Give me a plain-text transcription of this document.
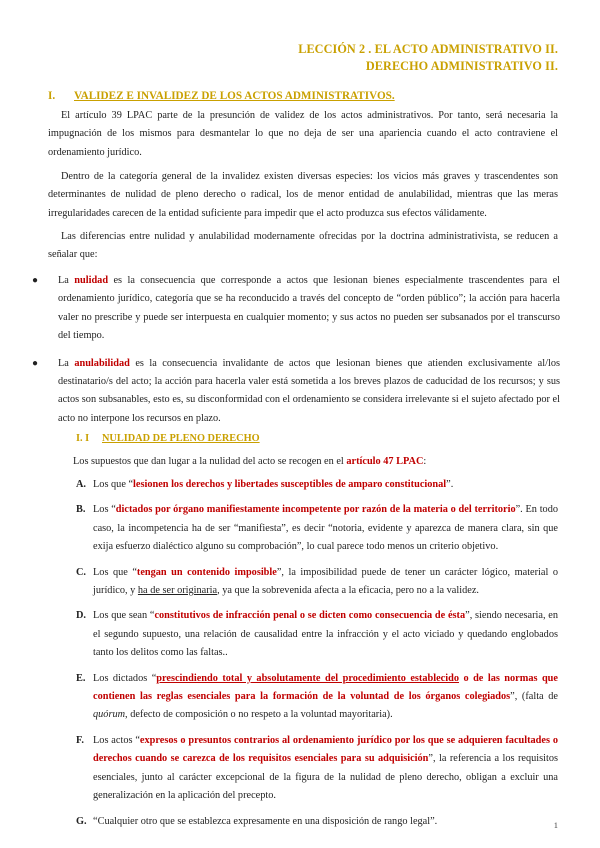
LECCIÓN 2 . EL ACTO ADMINISTRATIVO II.
DERECHO ADMINISTRATIVO II.
I. VALIDEZ E INVALIDEZ DE LOS ACTOS ADMINISTRATIVOS.

El artículo 39 LPAC parte de la presunción de validez de los actos administrativos. Por tanto, será necesaria la impugnación de los mismos para desmantelar lo que no deja de ser una apariencia cuando el acto contraviene el ordenamiento jurídico.

Dentro de la categoría general de la invalidez existen diversas especies: los vicios más graves y trascendentes son determinantes de nulidad de pleno derecho o radical, los de menor entidad de anulabilidad, mientras que las meras irregularidades carecen de la entidad suficiente para impedir que el acto produzca sus efectos válidamente.

Las diferencias entre nulidad y anulabilidad modernamente ofrecidas por la doctrina administrativista, se reducen a señalar que:

● La nulidad es la consecuencia que corresponde a actos que lesionan bienes especialmente trascendentes para el ordenamiento jurídico, categoría que se ha reconducido a través del concepto de “orden público”; la acción para hacerla valer no prescribe y puede ser interpuesta en cualquier momento; y sus actos no pueden ser subsanados por el transcurso del tiempo.
● La anulabilidad es la consecuencia invalidante de actos que lesionan bienes que atienden exclusivamente al/los destinatario/s del acto; la acción para hacerla valer está sometida a los breves plazos de caducidad de los recursos; y sus actos son subsanables, esto es, su disconformidad con el ordenamiento se considera irrelevante si el sujeto afectado por el acto no interpone los recursos en plazo.
I. I NULIDAD DE PLENO DERECHO

Los supuestos que dan lugar a la nulidad del acto se recogen en el artículo 47 LPAC:

A. Los que “lesionen los derechos y libertades susceptibles de amparo constitucional”.
B. Los “dictados por órgano manifiestamente incompetente por razón de la materia o del territorio”. En todo caso, la incompetencia ha de ser “manifiesta”, es decir “notoria, evidente y aparezca de manera clara, sin que exija esfuerzo dialéctico alguno su comprobación”, lo cual parece todo menos un criterio objetivo.
C. Los que “tengan un contenido imposible”, la imposibilidad puede de tener un carácter lógico, material o jurídico, y ha de ser originaria, ya que la sobrevenida afecta a la eficacia, pero no a la validez.
D. Los que sean “constitutivos de infracción penal o se dicten como consecuencia de ésta”, siendo necesaria, en el segundo supuesto, una relación de causalidad entre la infracción y el acto viciado y quedando englobados tanto los delitos como las faltas..
E. Los dictados “prescindiendo total y absolutamente del procedimiento establecido o de las normas que contienen las reglas esenciales para la formación de la voluntad de los órganos colegiados”, (falta de quórum, defecto de composición o no respeto a la voluntad mayoritaria).
F. Los actos “expresos o presuntos contrarios al ordenamiento jurídico por los que se adquieren facultades o derechos cuando se carezca de los requisitos esenciales para su adquisición”, la referencia a los requisitos esenciales, junto al carácter excepcional de la figura de la nulidad de pleno derecho, obligan a excluir una generalización en la aplicación del precepto.
G. “Cualquier otro que se establezca expresamente en una disposición de rango legal”.	1
